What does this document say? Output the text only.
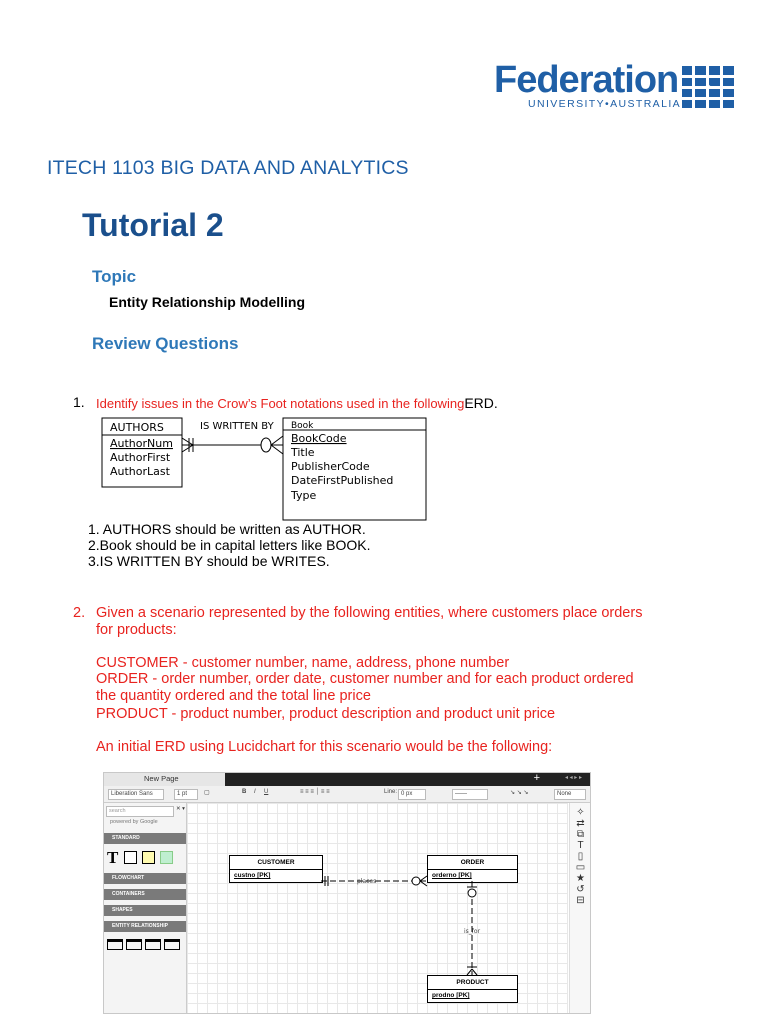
Federation
UNIVERSITY•AUSTRALIA
✦
ITECH 1103 BIG DATA AND ANALYTICS
Tutorial 2
Topic
Entity Relationship Modelling
Review Questions
1. Identify issues in the Crow’s Foot notations used in the followingERD.
AUTHORS
AuthorNum
AuthorFirst
AuthorLast
Book
BookCode
Title
PublisherCode
DateFirstPublished
Type
IS WRITTEN BY
1. AUTHORS should be written as AUTHOR.
2.Book should be in capital letters like BOOK.
3.IS WRITTEN BY should be WRITES.
2. Given a scenario represented by the following entities, where customers place orders
for products:
CUSTOMER - customer number, name, address, phone number
ORDER - order number, order date, customer number and for each product ordered
the quantity ordered and the total line price
PRODUCT - product number, product description and product unit price
An initial ERD using Lucidchart for this scenario would be the following:
New Page	+	◂ ◂ ▸ ▸
Liberation Sans	1 pt	▢	B I U	≡ ≡ ≡ │ ≡ ≡	Line: 0 px	——	↘ ↘ ↘	None
search	✕ ▾
powered by Google
STANDARD
T
FLOWCHART
CONTAINERS
SHAPES
ENTITY RELATIONSHIP
CUSTOMER
custno [PK]
ORDER
orderno [PK]
PRODUCT
prodno [PK]
places
is_for
✧
⇄
⧉
T
▯
▭
★
↺
⊟
